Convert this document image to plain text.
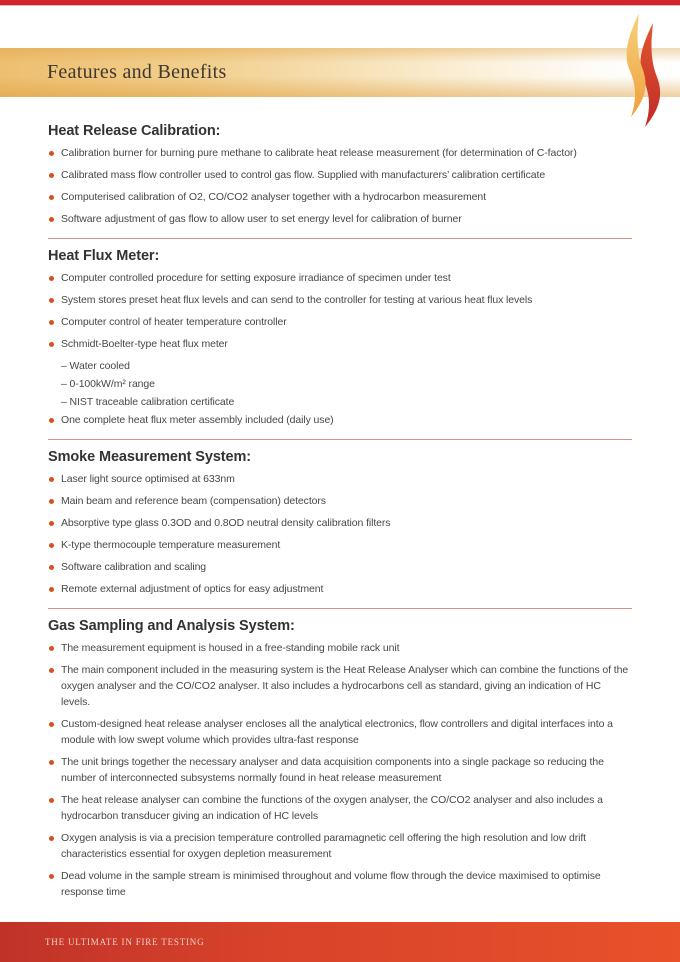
Features and Benefits
Heat Release Calibration:
Calibration burner for burning pure methane to calibrate heat release measurement (for determination of C-factor)
Calibrated mass flow controller used to control gas flow. Supplied with manufacturers’ calibration certificate
Computerised calibration of O2, CO/CO2 analyser together with a hydrocarbon measurement
Software adjustment of gas flow to allow user to set energy level for calibration of burner
Heat Flux Meter:
Computer controlled procedure for setting exposure irradiance of specimen under test
System stores preset heat flux levels and can send to the controller for testing at various heat flux levels
Computer control of heater temperature controller
Schmidt-Boelter-type heat flux meter
– Water cooled
– 0-100kW/m² range
– NIST traceable calibration certificate
One complete heat flux meter assembly included (daily use)
Smoke Measurement System:
Laser light source optimised at 633nm
Main beam and reference beam (compensation) detectors
Absorptive type glass 0.3OD and 0.8OD neutral density calibration filters
K-type thermocouple temperature measurement
Software calibration and scaling
Remote external adjustment of optics for easy adjustment
Gas Sampling and Analysis System:
The measurement equipment is housed in a free-standing mobile rack unit
The main component included in the measuring system is the Heat Release Analyser which can combine the functions of the oxygen analyser and the CO/CO2 analyser. It also includes a hydrocarbons cell as standard, giving an indication of HC levels.
Custom-designed heat release analyser encloses all the analytical electronics, flow controllers and digital interfaces into a module with low swept volume which provides ultra-fast response
The unit brings together the necessary analyser and data acquisition components into a single package so reducing the number of interconnected subsystems normally found in heat release measurement
The heat release analyser can combine the functions of the oxygen analyser, the CO/CO2 analyser and also includes a hydrocarbon transducer giving an indication of HC levels
Oxygen analysis is via a precision temperature controlled paramagnetic cell offering the high resolution and low drift characteristics essential for oxygen depletion measurement
Dead volume in the sample stream is minimised throughout and volume flow through the device maximised to optimise response time
THE ULTIMATE IN FIRE TESTING
